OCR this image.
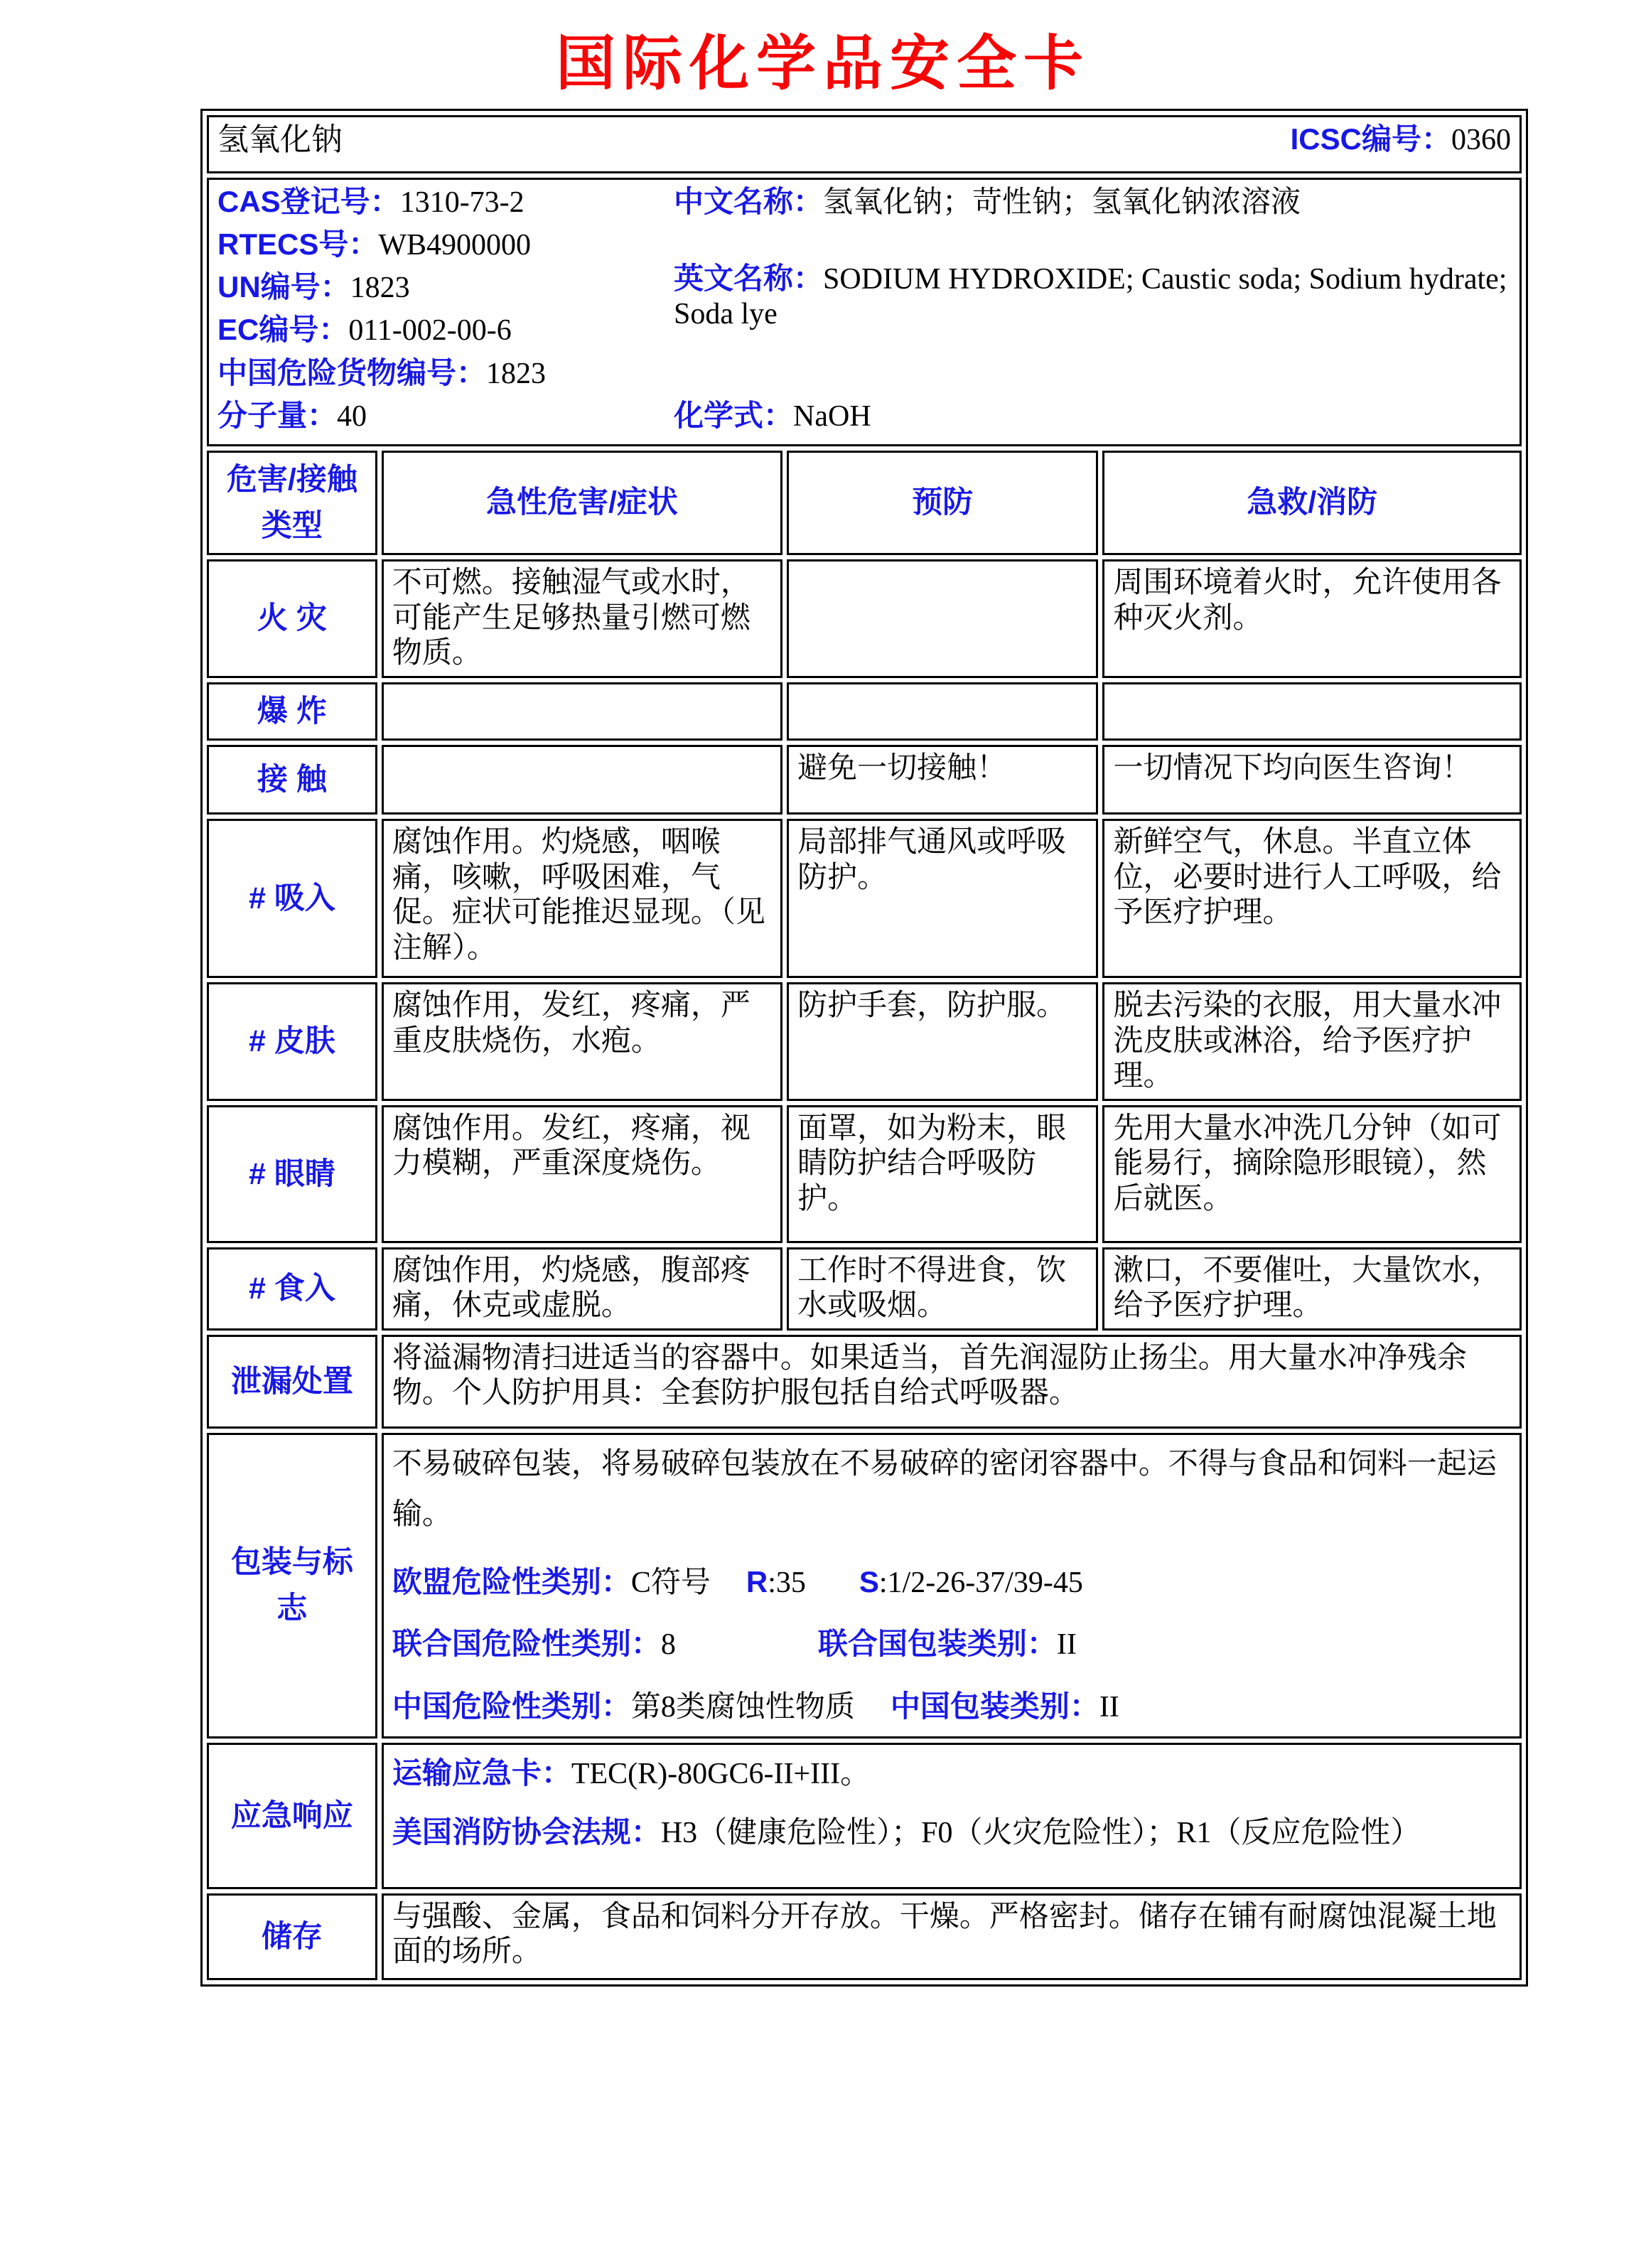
国际化学品安全卡
氢氧化钠 ICSC编号：0360			

CAS登记号：1310-73-2
RTECS号：WB4900000
UN编号：1823
EC编号：011-002-00-6
中国危险货物编号：1823
分子量：40
中文名称：氢氧化钠；苛性钠；氢氧化钠浓溶液
英文名称：SODIUM HYDROXIDE; Caustic soda; Sodium hydrate; Soda lye
化学式：NaOH

危害/接触 类型	急性危害/症状	预防	急救/消防
火 灾	不可燃。接触湿气或水时，可能产生足够热量引燃可燃物质。		周围环境着火时，允许使用各种灭火剂。
爆 炸			
接 触		避免一切接触！	一切情况下均向医生咨询！
# 吸入	腐蚀作用。灼烧感，咽喉痛，咳嗽，呼吸困难，气促。症状可能推迟显现。（见注解）。	局部排气通风或呼吸防护。	新鲜空气，休息。半直立体位，必要时进行人工呼吸，给予医疗护理。
# 皮肤	腐蚀作用，发红，疼痛，严重皮肤烧伤，水疱。	防护手套，防护服。	脱去污染的衣服，用大量水冲洗皮肤或淋浴，给予医疗护理。
# 眼睛	腐蚀作用。发红，疼痛，视力模糊，严重深度烧伤。	面罩，如为粉末，眼睛防护结合呼吸防护。	先用大量水冲洗几分钟（如可能易行，摘除隐形眼镜），然后就医。
# 食入	腐蚀作用，灼烧感，腹部疼痛，休克或虚脱。	工作时不得进食，饮水或吸烟。	漱口，不要催吐，大量饮水，给予医疗护理。
泄漏处置	将溢漏物清扫进适当的容器中。如果适当，首先润湿防止扬尘。用大量水冲净残余物。个人防护用具：全套防护服包括自给式呼吸器。		
包装与标志	不易破碎包装，将易破碎包装放在不易破碎的密闭容器中。不得与食品和饲料一起运输。
欧盟危险性类别：C符号 R:35 S:1/2-26-37/39-45
联合国危险性类别：8 联合国包装类别：II
中国危险性类别：第8类腐蚀性物质 中国包装类别：II		

应急响应	运输应急卡：TEC(R)-80GC6-II+III。
美国消防协会法规：H3（健康危险性）；F0（火灾危险性）；R1（反应危险性）		

储存	与强酸、金属，食品和饲料分开存放。干燥。严格密封。储存在铺有耐腐蚀混凝土地面的场所。		
